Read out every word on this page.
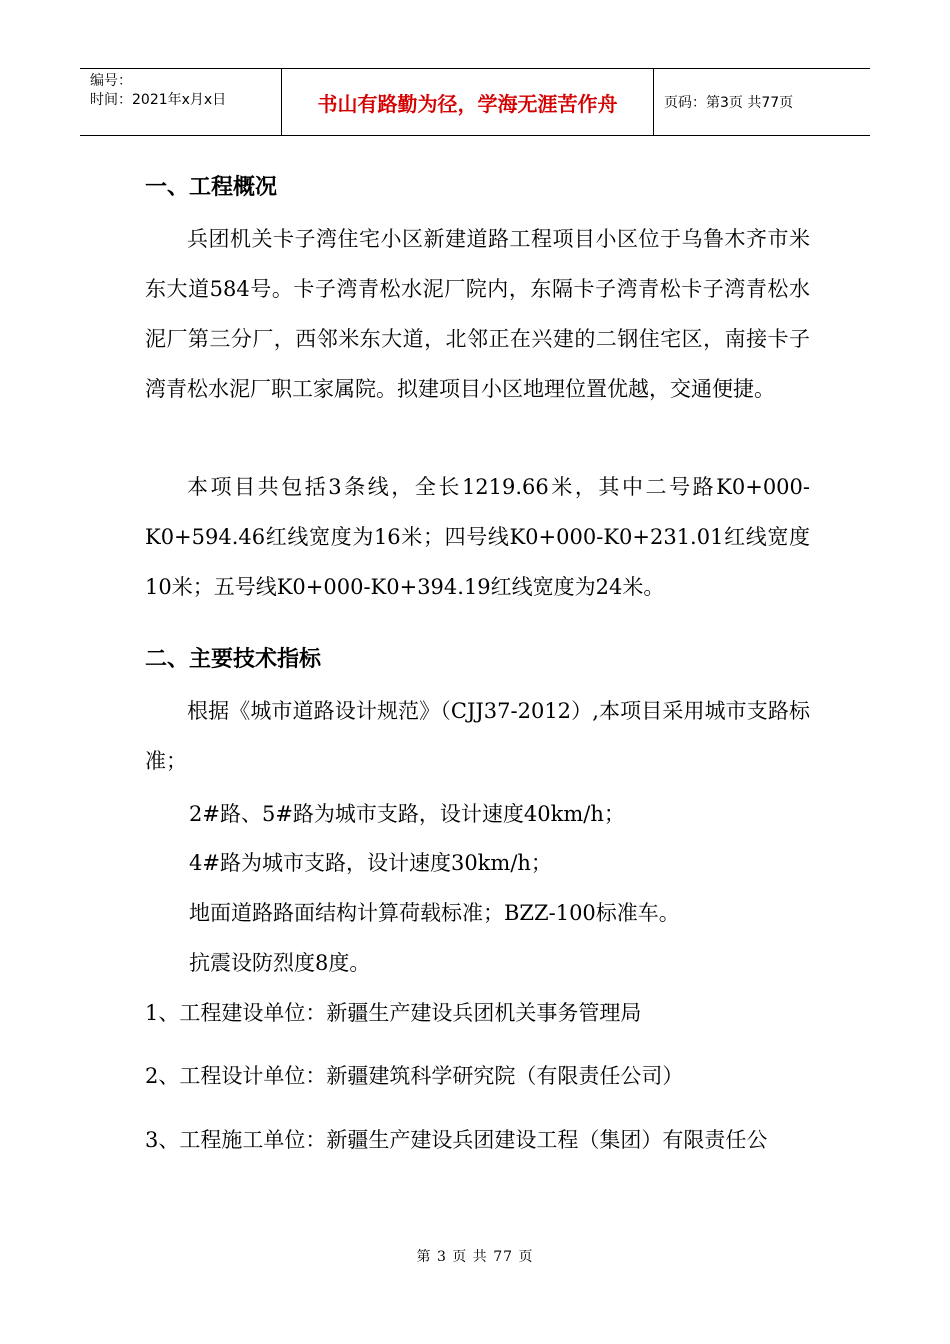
编号：
时间：2021年x月x日	书山有路勤为径，学海无涯苦作舟	页码：第3页 共77页
一、工程概况

兵团机关卡子湾住宅小区新建道路工程项目小区位于乌鲁木齐市米东大道584号。卡子湾青松水泥厂院内，东隔卡子湾青松卡子湾青松水泥厂第三分厂，西邻米东大道，北邻正在兴建的二钢住宅区，南接卡子湾青松水泥厂职工家属院。拟建项目小区地理位置优越，交通便捷。

本项目共包括3条线，全长1219.66米，其中二号路K0+000-K0+594.46红线宽度为16米；四号线K0+000-K0+231.01红线宽度10米；五号线K0+000-K0+394.19红线宽度为24米。

二、主要技术指标

根据《城市道路设计规范》（CJJ37-2012）,本项目采用城市支路标准；

2#路、5#路为城市支路，设计速度40km/h；

4#路为城市支路，设计速度30km/h；

地面道路路面结构计算荷载标准；BZZ-100标准车。

抗震设防烈度8度。

1、工程建设单位：新疆生产建设兵团机关事务管理局

2、工程设计单位：新疆建筑科学研究院（有限责任公司）

3、工程施工单位：新疆生产建设兵团建设工程（集团）有限责任公

第 3 页 共 77 页
